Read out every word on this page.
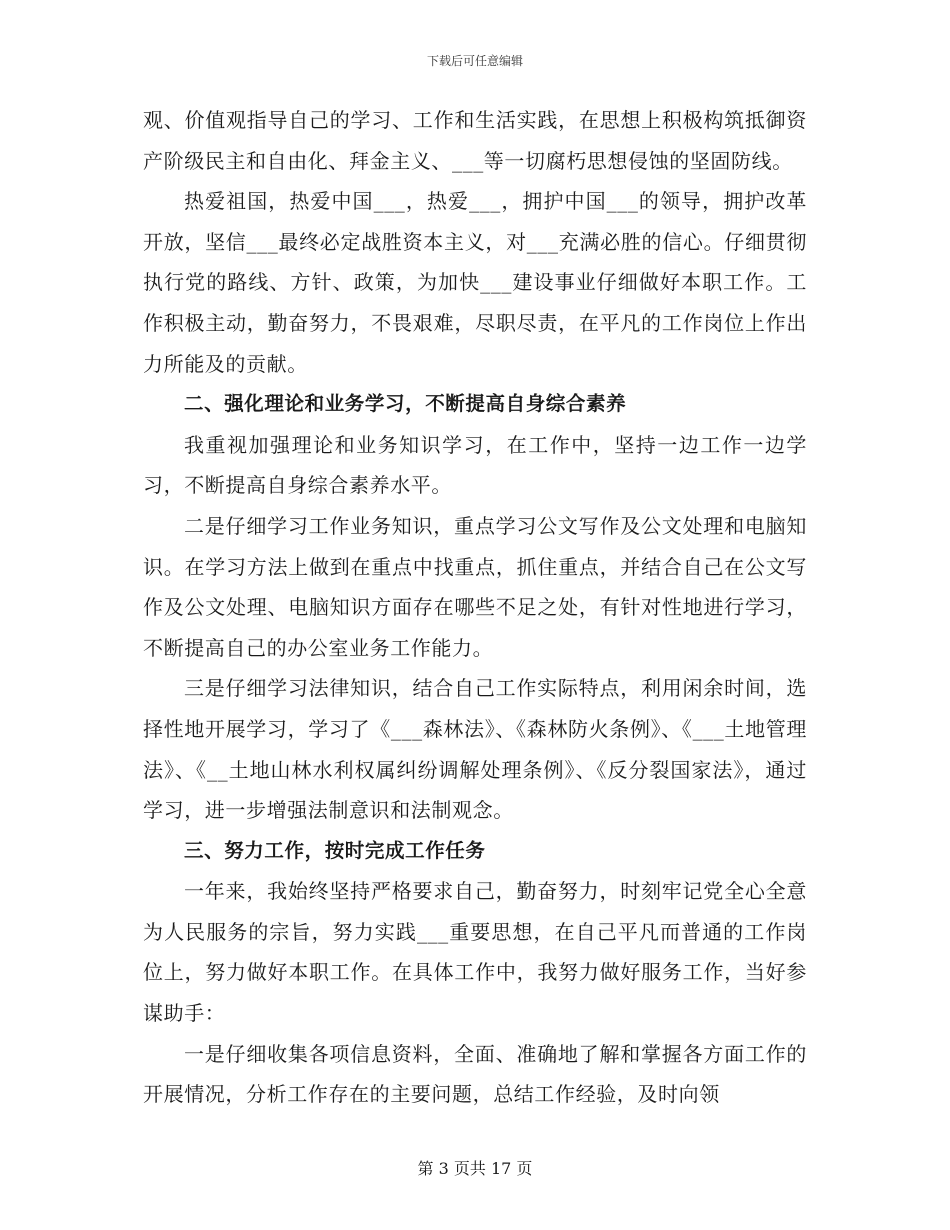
下载后可任意编辑

观、价值观指导自己的学习、工作和生活实践，在思想上积极构筑抵御资产阶级民主和自由化、拜金主义、___等一切腐朽思想侵蚀的坚固防线。

热爱祖国，热爱中国___，热爱___，拥护中国___的领导，拥护改革开放，坚信___最终必定战胜资本主义，对___充满必胜的信心。仔细贯彻执行党的路线、方针、政策，为加快___建设事业仔细做好本职工作。工作积极主动，勤奋努力，不畏艰难，尽职尽责，在平凡的工作岗位上作出力所能及的贡献。

二、强化理论和业务学习，不断提高自身综合素养

我重视加强理论和业务知识学习，在工作中，坚持一边工作一边学习，不断提高自身综合素养水平。

二是仔细学习工作业务知识，重点学习公文写作及公文处理和电脑知识。在学习方法上做到在重点中找重点，抓住重点，并结合自己在公文写作及公文处理、电脑知识方面存在哪些不足之处，有针对性地进行学习，不断提高自己的办公室业务工作能力。

三是仔细学习法律知识，结合自己工作实际特点，利用闲余时间，选择性地开展学习，学习了《___森林法》、《森林防火条例》、《___土地管理法》、《__土地山林水利权属纠纷调解处理条例》、《反分裂国家法》，通过学习，进一步增强法制意识和法制观念。

三、努力工作，按时完成工作任务

一年来，我始终坚持严格要求自己，勤奋努力，时刻牢记党全心全意为人民服务的宗旨，努力实践___重要思想，在自己平凡而普通的工作岗位上，努力做好本职工作。在具体工作中，我努力做好服务工作，当好参谋助手：

一是仔细收集各项信息资料，全面、准确地了解和掌握各方面工作的开展情况，分析工作存在的主要问题，总结工作经验，及时向领

第 3 页共 17 页
